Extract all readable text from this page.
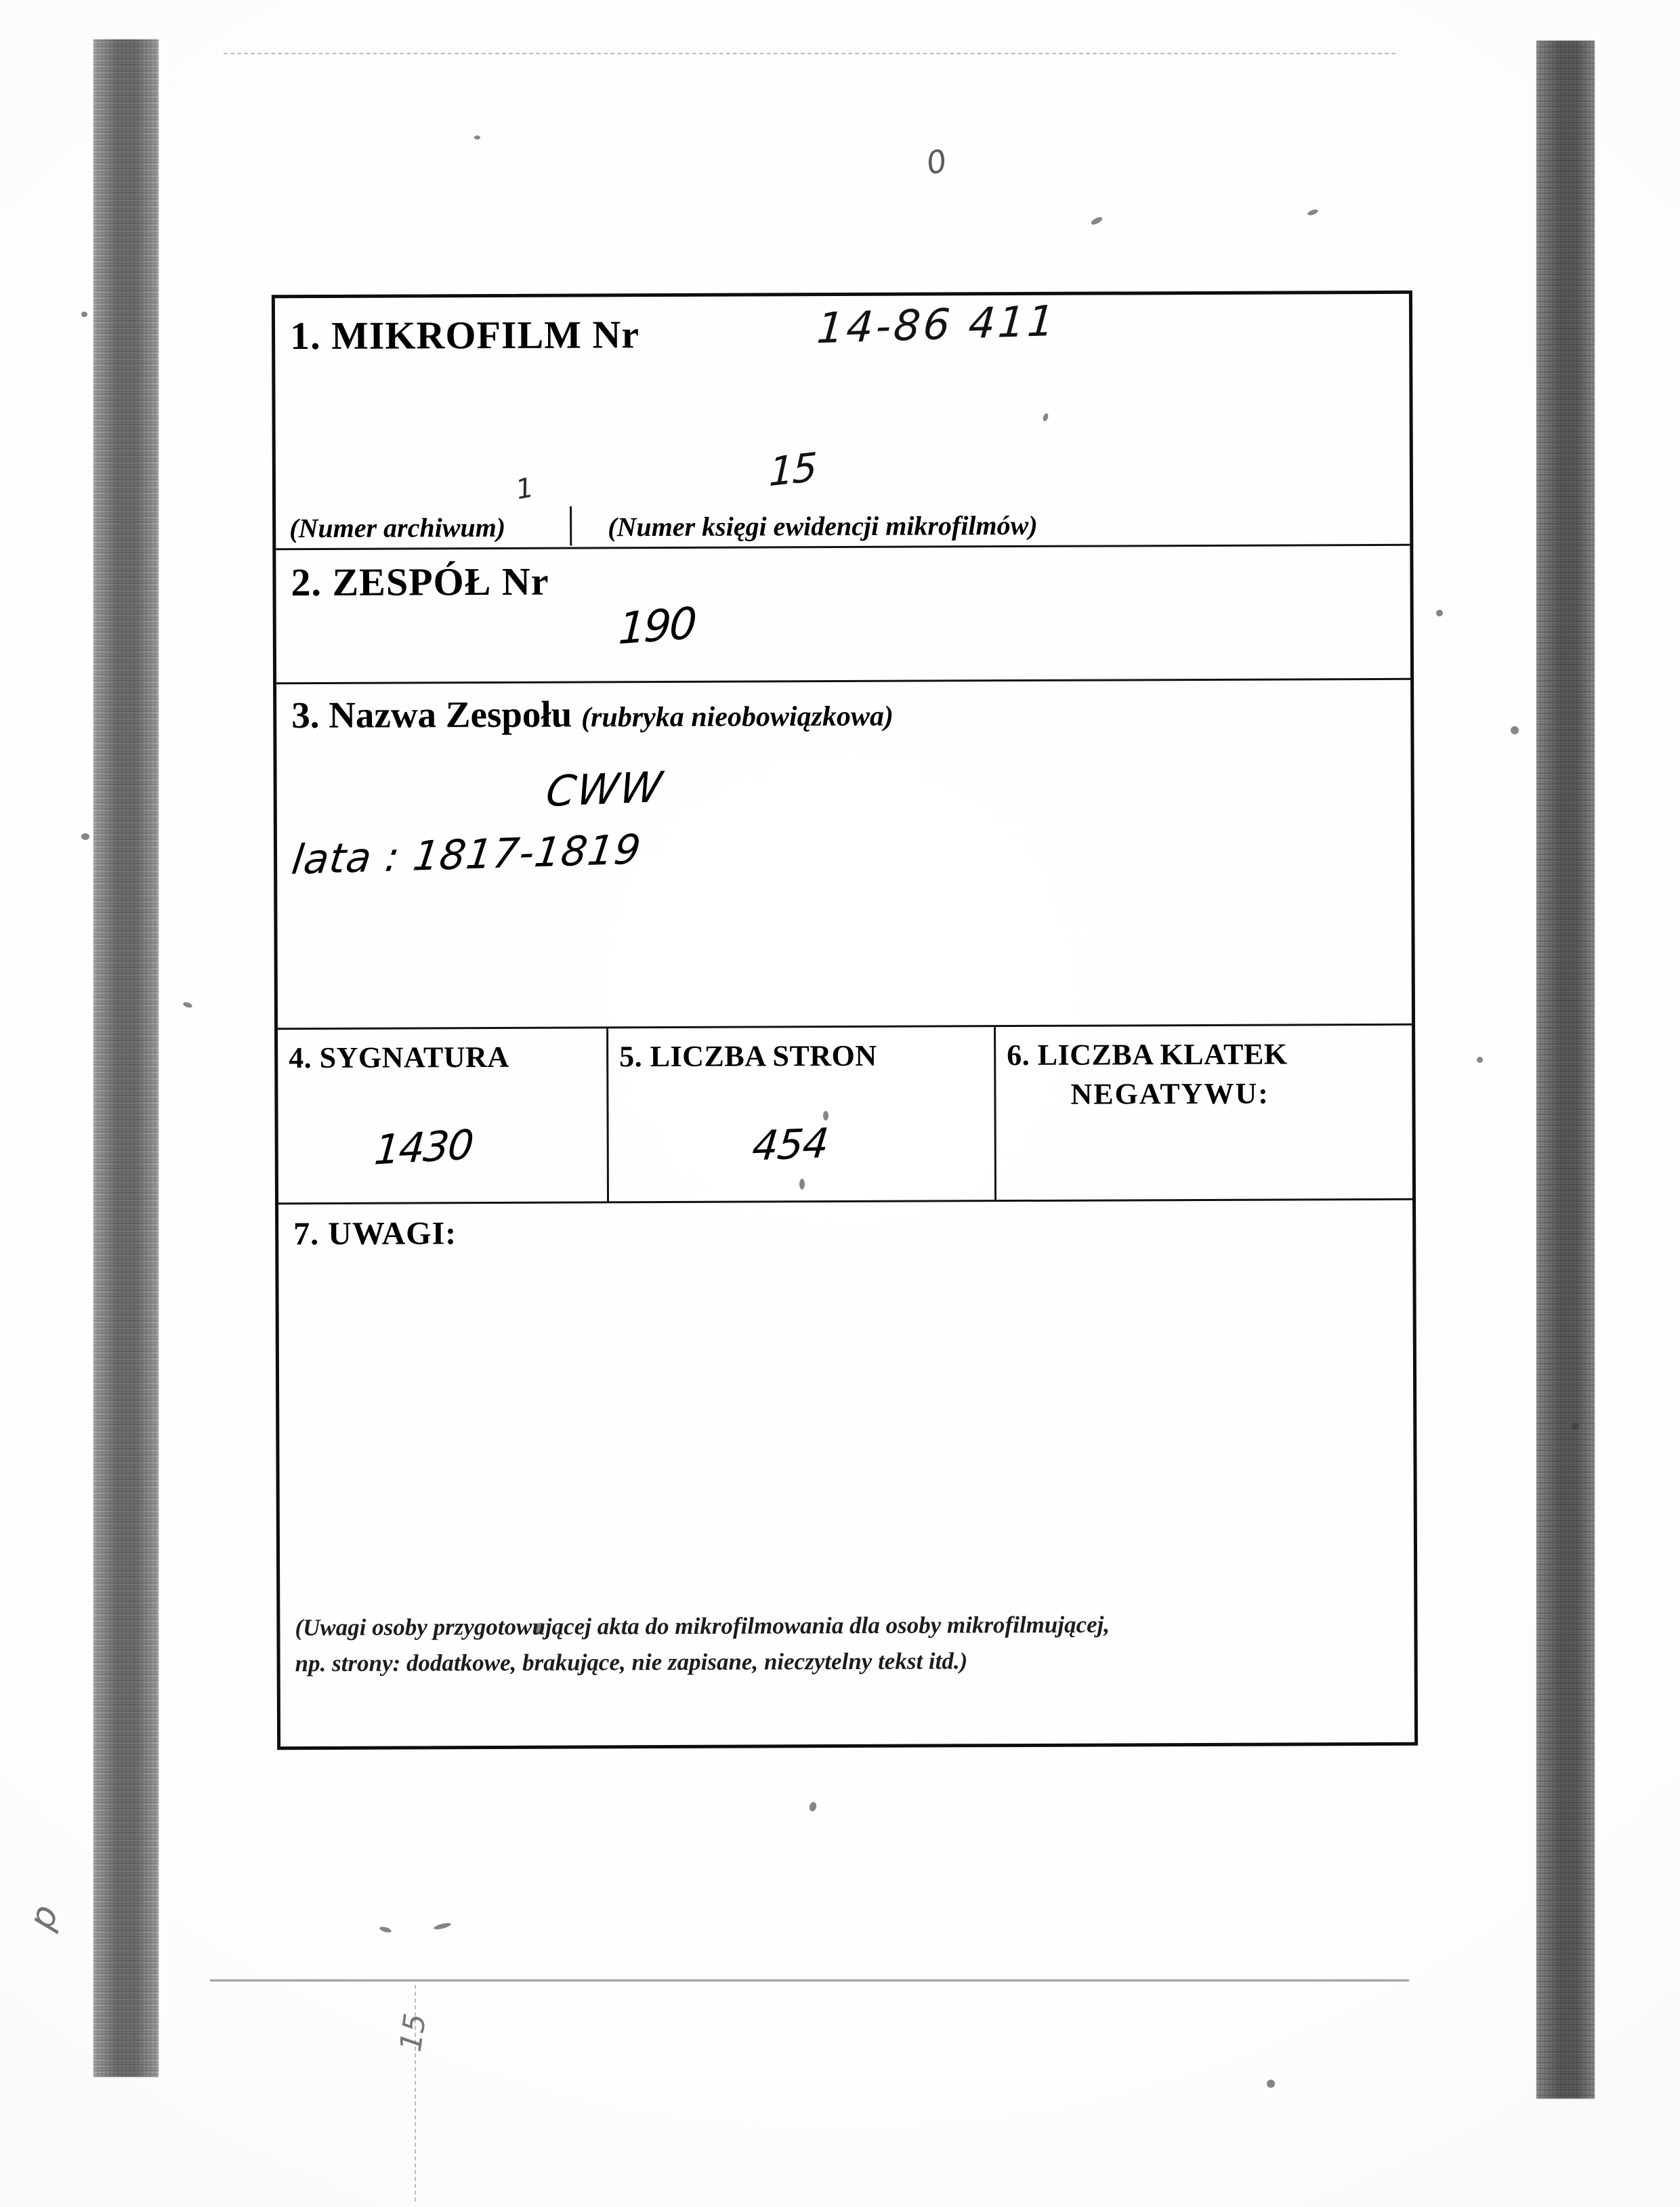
0
15
p
1. MIKROFILM Nr	14-86 411
1	15
(Numer archiwum)	(Numer księgi ewidencji mikrofilmów)
2. ZESPÓŁ Nr
190
3. Nazwa Zespołu (rubryka nieobowiązkowa)
CWW
lata : 1817-1819
4. SYGNATURA
1430
5. LICZBA STRON
454
6. LICZBA KLATEK
NEGATYWU:
7. UWAGI:
(Uwagi osoby przygotowującej akta do mikrofilmowania dla osoby mikrofilmującej,
np. strony: dodatkowe, brakujące, nie zapisane, nieczytelny tekst itd.)
